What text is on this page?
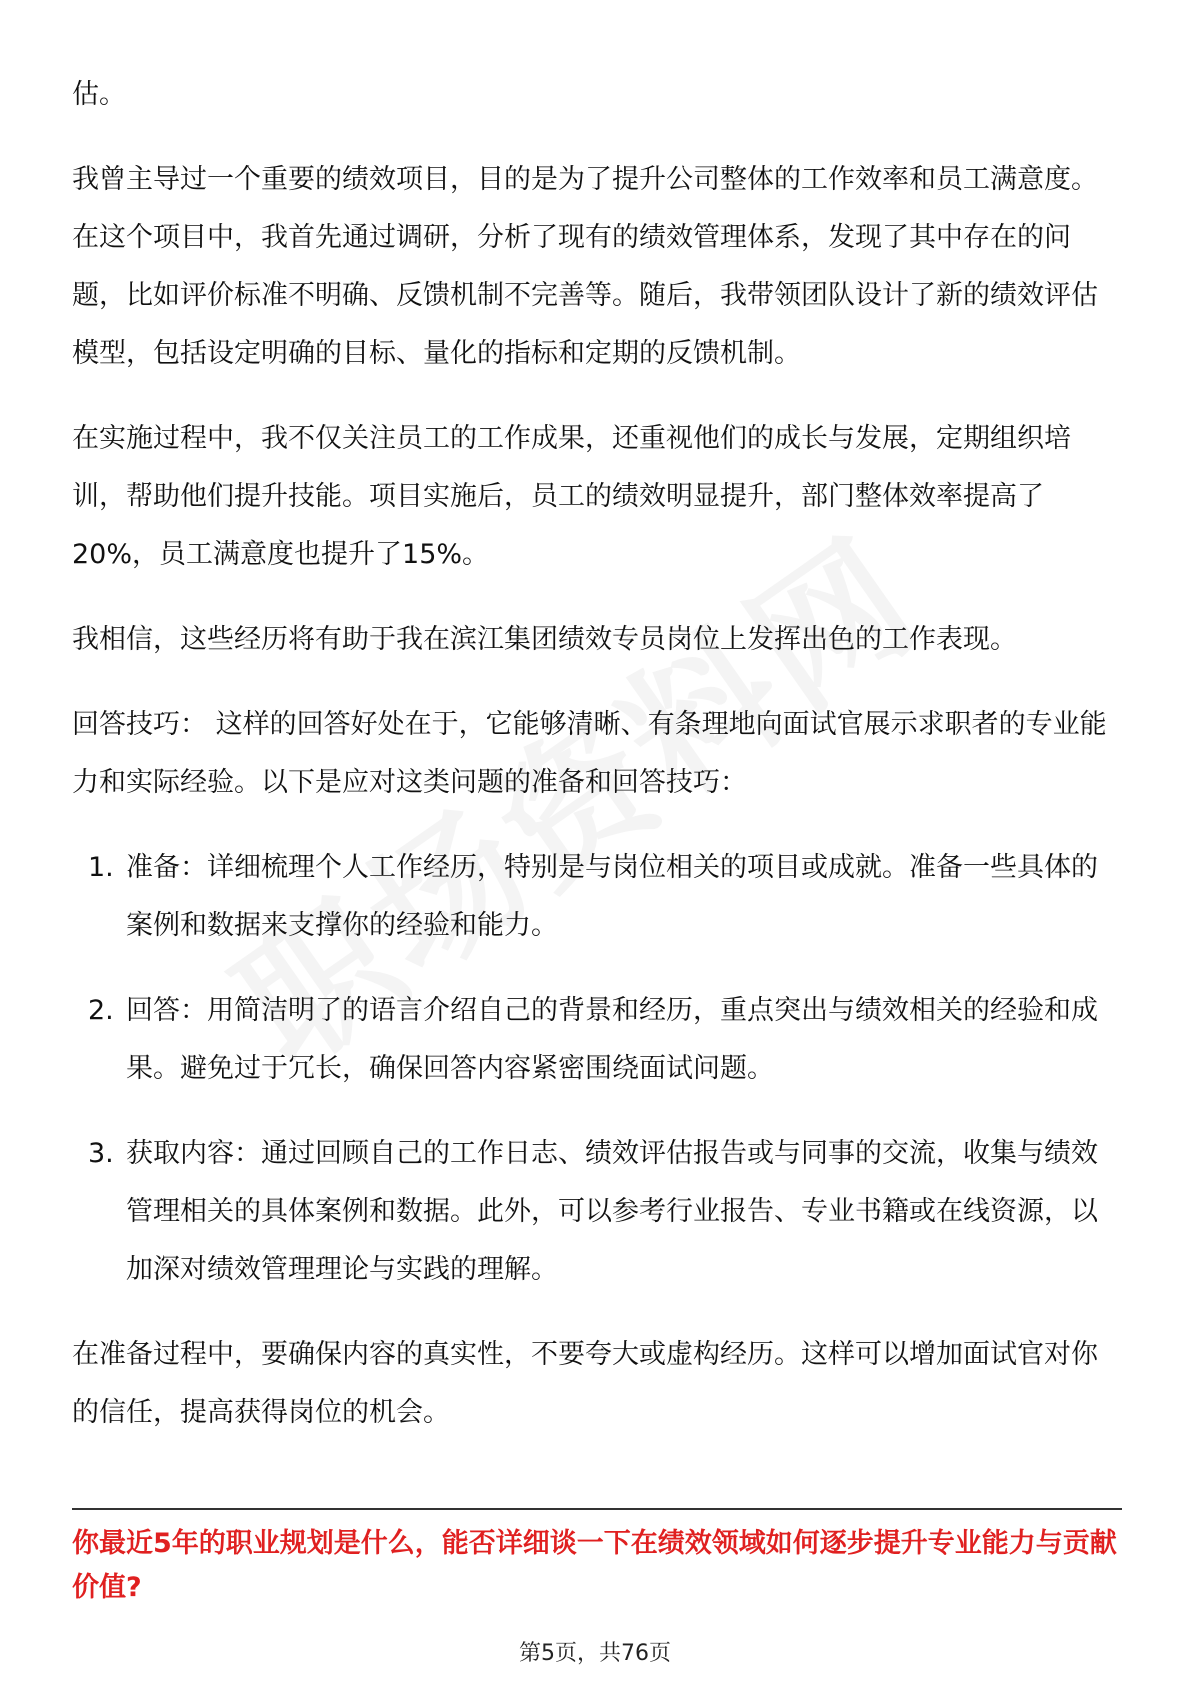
估。

我曾主导过一个重要的绩效项目，目的是为了提升公司整体的工作效率和员工满意度。在这个项目中，我首先通过调研，分析了现有的绩效管理体系，发现了其中存在的问题，比如评价标准不明确、反馈机制不完善等。随后，我带领团队设计了新的绩效评估模型，包括设定明确的目标、量化的指标和定期的反馈机制。

在实施过程中，我不仅关注员工的工作成果，还重视他们的成长与发展，定期组织培训，帮助他们提升技能。项目实施后，员工的绩效明显提升，部门整体效率提高了20%，员工满意度也提升了15%。

我相信，这些经历将有助于我在滨江集团绩效专员岗位上发挥出色的工作表现。

回答技巧： 这样的回答好处在于，它能够清晰、有条理地向面试官展示求职者的专业能力和实际经验。以下是应对这类问题的准备和回答技巧：

1. 准备：详细梳理个人工作经历，特别是与岗位相关的项目或成就。准备一些具体的案例和数据来支撑你的经验和能力。
2. 回答：用简洁明了的语言介绍自己的背景和经历，重点突出与绩效相关的经验和成果。避免过于冗长，确保回答内容紧密围绕面试问题。
3. 获取内容：通过回顾自己的工作日志、绩效评估报告或与同事的交流，收集与绩效管理相关的具体案例和数据。此外，可以参考行业报告、专业书籍或在线资源，以加深对绩效管理理论与实践的理解。

在准备过程中，要确保内容的真实性，不要夸大或虚构经历。这样可以增加面试官对你的信任，提高获得岗位的机会。

你最近5年的职业规划是什么，能否详细谈一下在绩效领域如何逐步提升专业能力与贡献价值?
第5页，共76页
